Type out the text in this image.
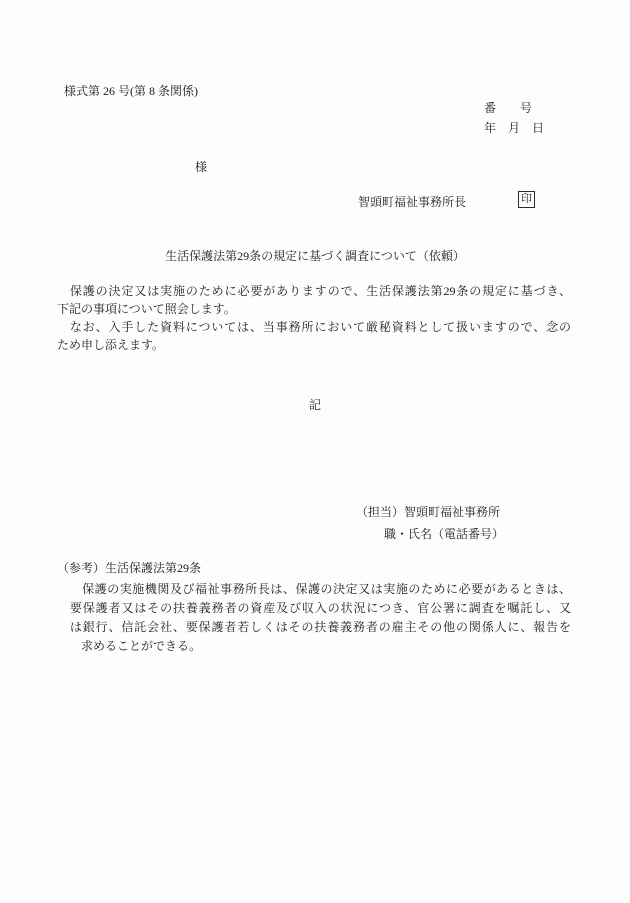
様式第 26 号(第 8 条関係)
番　　号
年　月　日
様
智頭町福祉事務所長	印
生活保護法第29条の規定に基づく調査について（依頼）
　保護の決定又は実施のために必要がありますので、生活保護法第29条の規定に基づき、
下記の事項について照会します。
　なお、入手した資料については、当事務所において厳秘資料として扱いますので、念の
ため申し添えます。
記
（担当）智頭町福祉事務所
職・氏名（電話番号）
（参考）生活保護法第29条
　　保護の実施機関及び福祉事務所長は、保護の決定又は実施のために必要があるときは、
　要保護者又はその扶養義務者の資産及び収入の状況につき、官公署に調査を嘱託し、又
　は銀行、信託会社、要保護者若しくはその扶養義務者の雇主その他の関係人に、報告を
　　求めることができる。
